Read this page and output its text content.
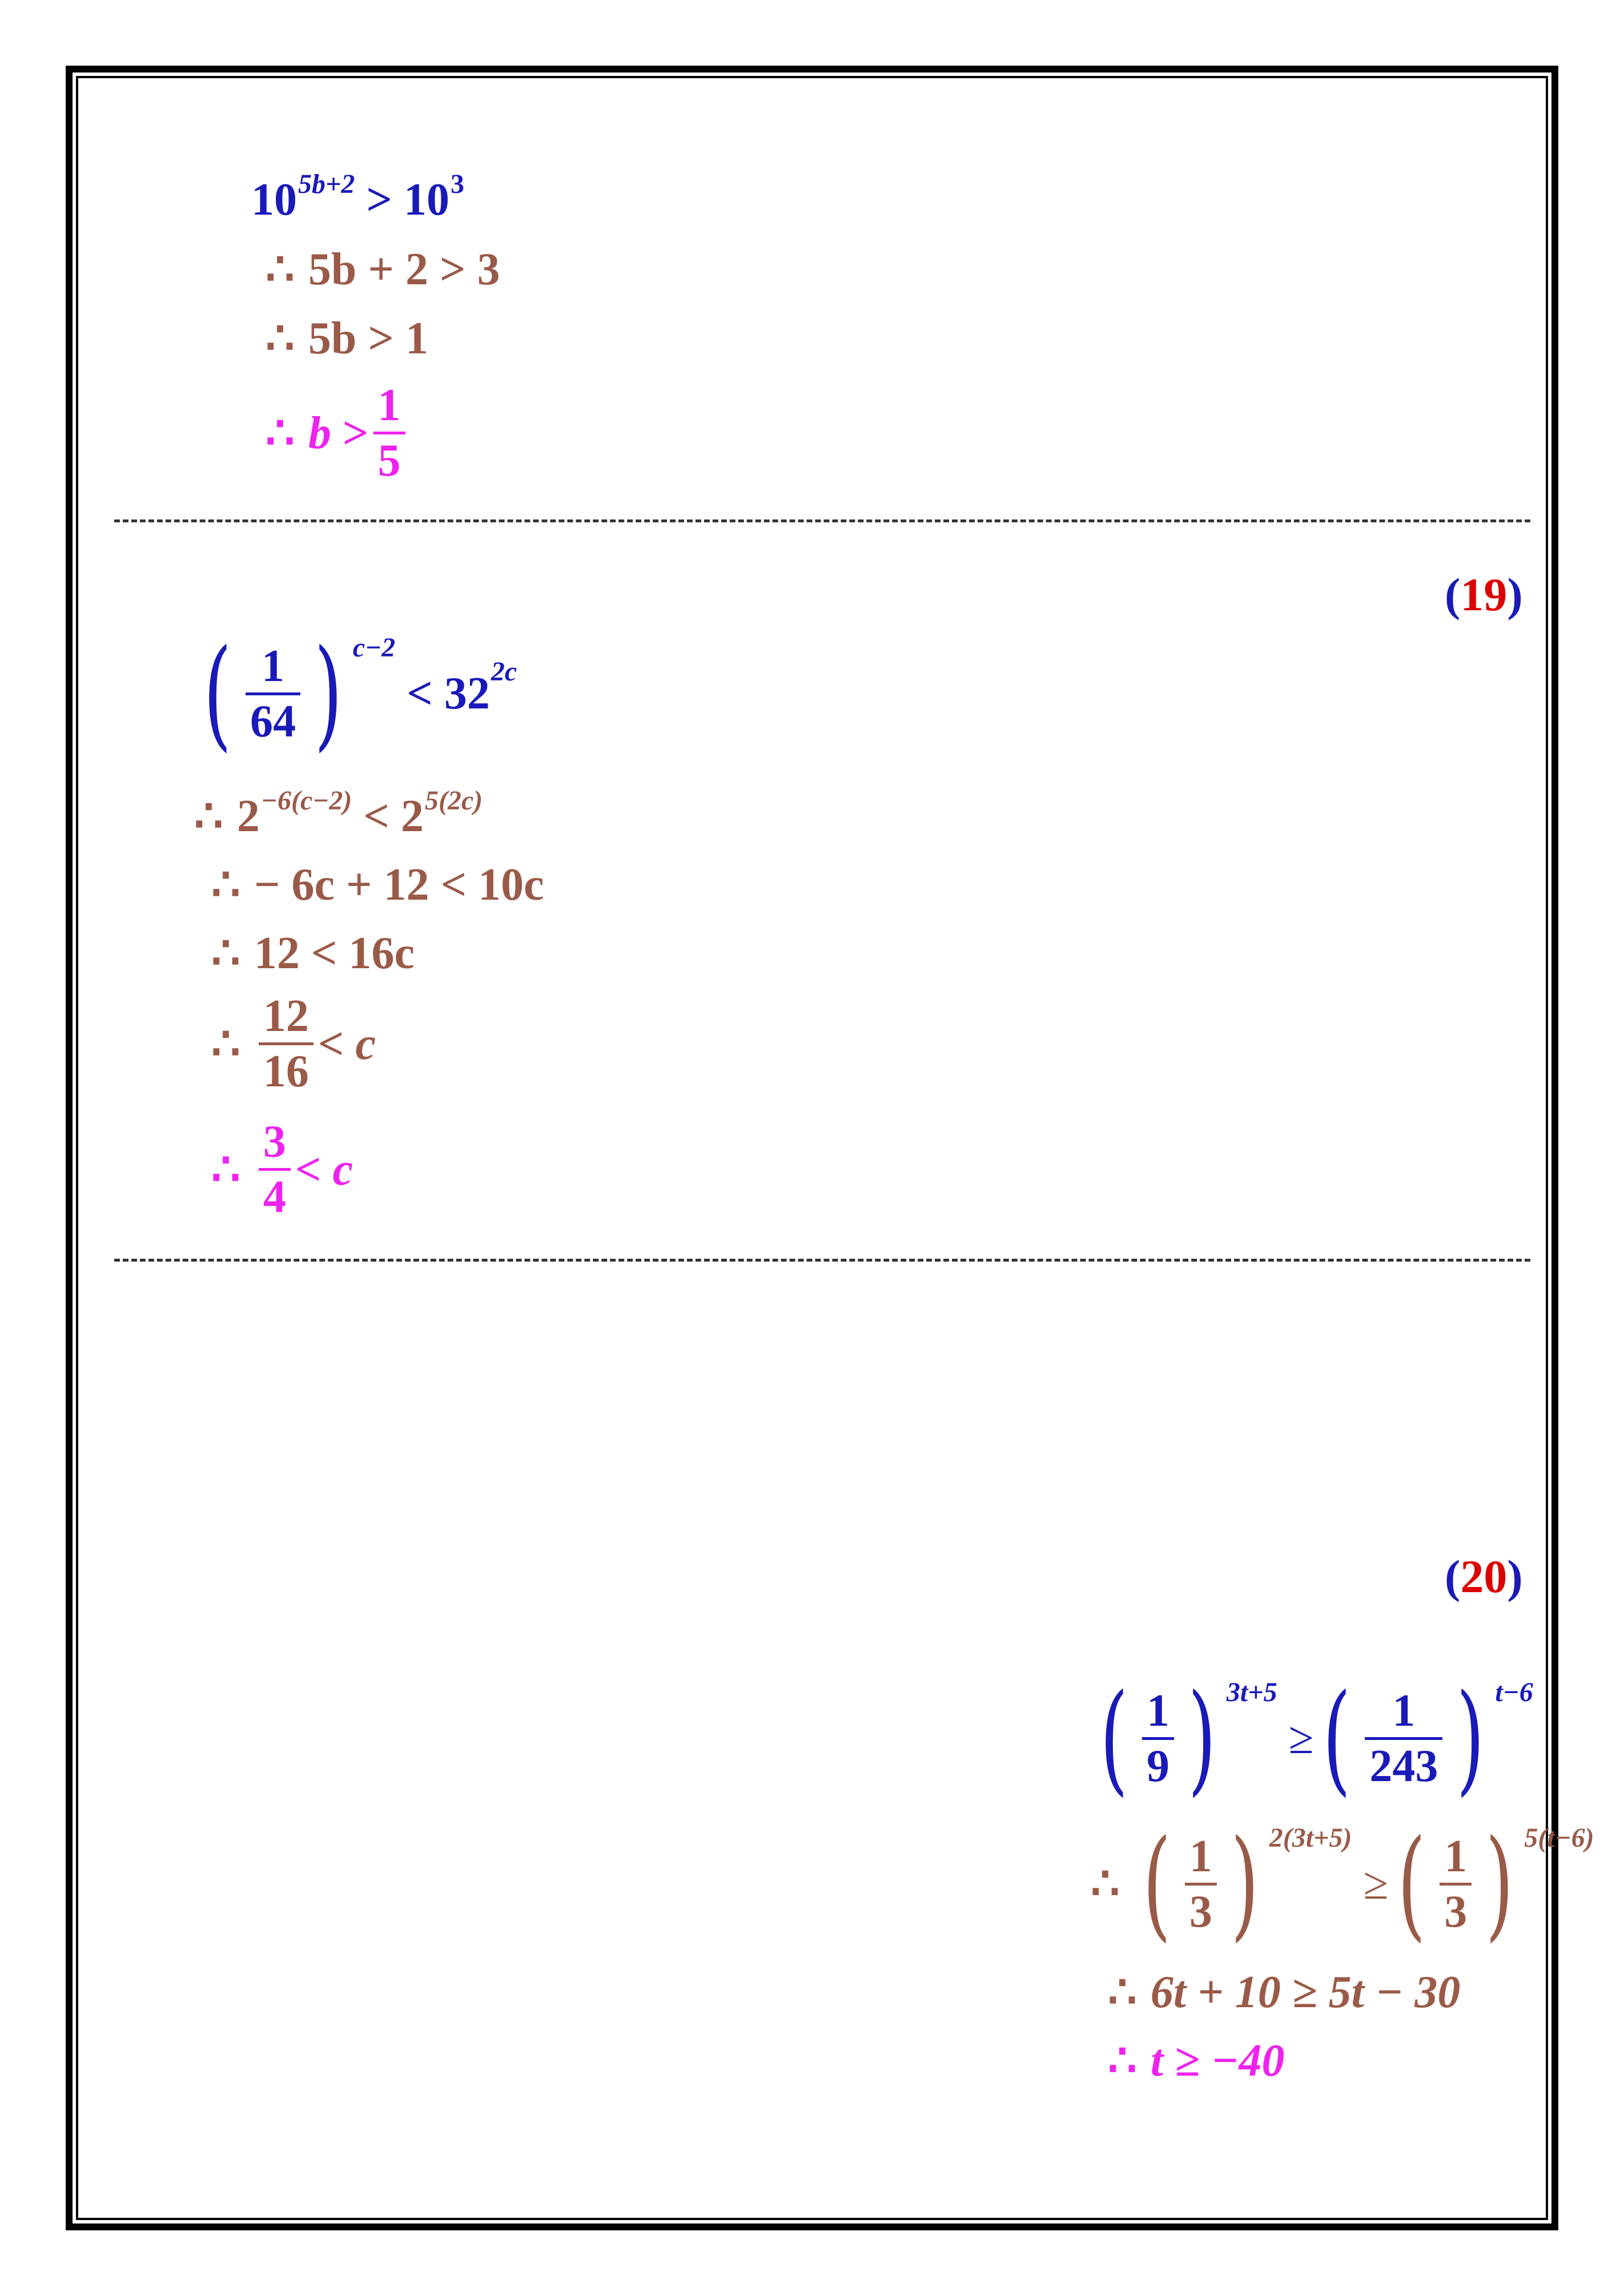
$10^{5b+2} > 10^3$
∴ 5b + 2 > 3
∴ 5b > 1
∴ b
>
1
5
(19)
( 1
64 ) c−2

<
32 2c
∴ $2^{-6(c-2)} < 2^{5(2c)}$
∴ − 6c + 12 < 10c
∴ 12 < 16c
∴
12
16
<
c
∴
3
4
<
c
(20)
( 1
9 ) 3t+5

≥ ( 1
243 ) t−6
∴ ( 1
3 ) 2(3t+5)

≥ ( 1
3 ) 5(t−6)
∴ 6t + 10 ≥ 5t − 30
∴ t ≥ −40
